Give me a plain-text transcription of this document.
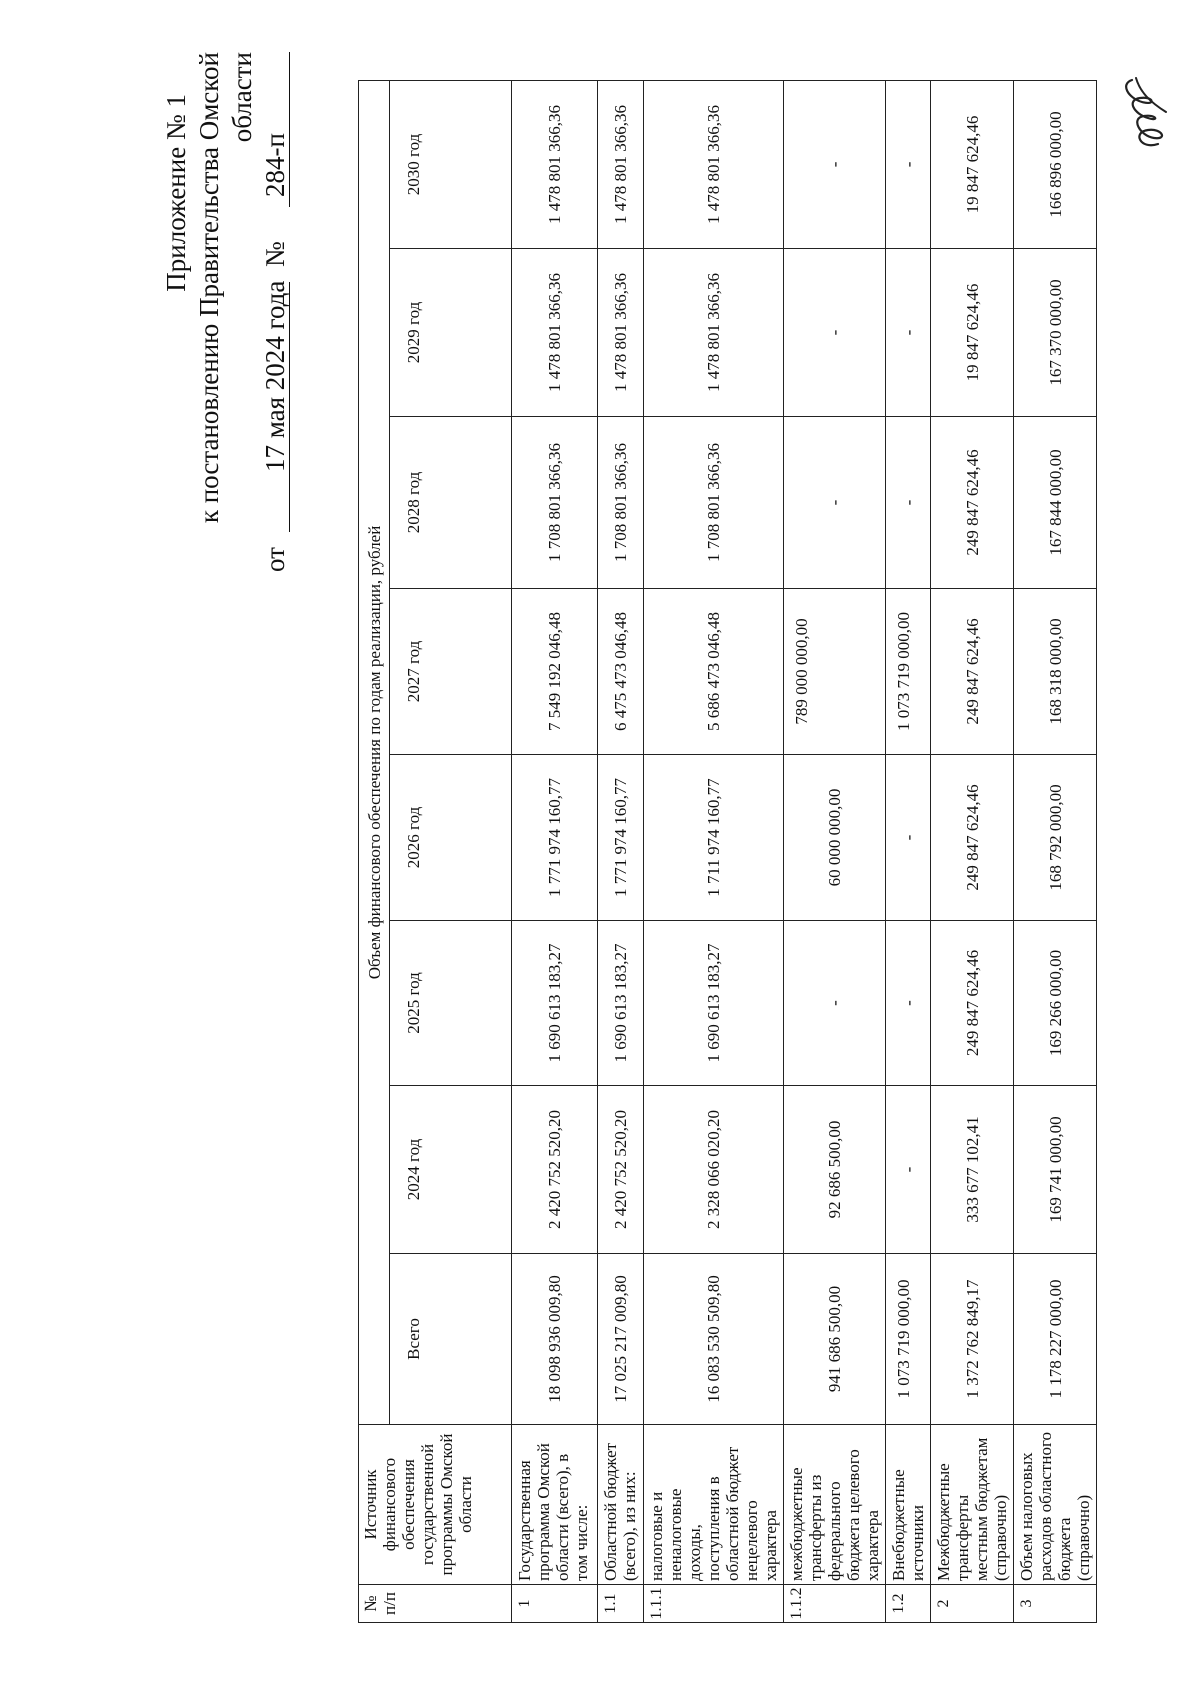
Приложение № 1 к постановлению Правительства Омской области
от
17 мая 2024 года
№
284-п
№ п/п	Источник финансового обеспечения государственной программы Омской области	Объем финансового обеспечения по годам реализации, рублей							
		Всего	2024 год	2025 год	2026 год	2027 год	2028 год	2029 год	2030 год
1	Государственная программа Омской области (всего), в том числе:	18 098 936 009,80	2 420 752 520,20	1 690 613 183,27	1 771 974 160,77	7 549 192 046,48	1 708 801 366,36	1 478 801 366,36	1 478 801 366,36
1.1	Областной бюджет (всего), из них:	17 025 217 009,80	2 420 752 520,20	1 690 613 183,27	1 771 974 160,77	6 475 473 046,48	1 708 801 366,36	1 478 801 366,36	1 478 801 366,36
1.1.1	налоговые и неналоговые доходы, поступления в областной бюджет нецелевого характера	16 083 530 509,80	2 328 066 020,20	1 690 613 183,27	1 711 974 160,77	5 686 473 046,48	1 708 801 366,36	1 478 801 366,36	1 478 801 366,36
1.1.2	межбюджетные трансферты из федерального бюджета целевого характера	941 686 500,00	92 686 500,00	-	60 000 000,00	789 000 000,00	-	-	-
1.2	Внебюджетные источники	1 073 719 000,00	-	-	-	1 073 719 000,00	-	-	-
2	Межбюджетные трансферты местным бюджетам (справочно)	1 372 762 849,17	333 677 102,41	249 847 624,46	249 847 624,46	249 847 624,46	249 847 624,46	19 847 624,46	19 847 624,46
3	Объем налоговых расходов областного бюджета (справочно)	1 178 227 000,00	169 741 000,00	169 266 000,00	168 792 000,00	168 318 000,00	167 844 000,00	167 370 000,00	166 896 000,00
